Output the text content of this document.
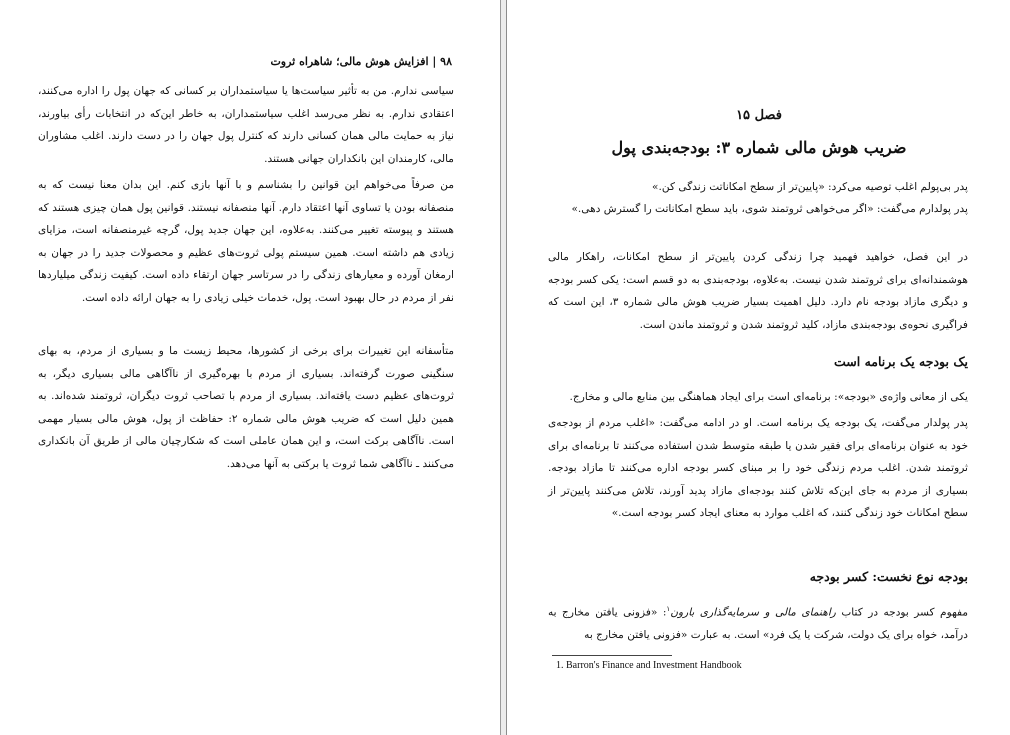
۹۸ | افزایش هوش مالی؛ شاهراه ثروت

سیاسی ندارم. من به تأثیر سیاست‌ها یا سیاستمداران بر کسانی که جهان پول را اداره می‌کنند، اعتقادی ندارم. به نظر می‌رسد اغلب سیاستمداران، به خاطر این‌که در انتخابات رأی بیاورند، نیاز به حمایت مالی همان کسانی دارند که کنترل پول جهان را در دست دارند. اغلب مشاوران مالی، کارمندان این بانکداران جهانی هستند.

من صرفاً می‌خواهم این قوانین را بشناسم و با آنها بازی کنم. این بدان معنا نیست که به منصفانه بودن یا تساوی آنها اعتقاد دارم. آنها منصفانه نیستند. قوانین پول همان چیزی هستند که هستند و پیوسته تغییر می‌کنند. به‌علاوه، این جهان جدید پول، گرچه غیرمنصفانه است، مزایای زیادی هم داشته است. همین سیستم پولی ثروت‌های عظیم و محصولات جدید را در جهان به ارمغان آورده و معیارهای زندگی را در سرتاسر جهان ارتقاء داده است. کیفیت زندگی میلیاردها نفر از مردم در حال بهبود است. پول، خدمات خیلی زیادی را به جهان ارائه داده است.

متأسفانه این تغییرات برای برخی از کشورها، محیط زیست ما و بسیاری از مردم، به بهای سنگینی صورت گرفته‌اند. بسیاری از مردم با بهره‌گیری از ناآگاهی مالی بسیاری دیگر، به ثروت‌های عظیم دست یافته‌اند. بسیاری از مردم با تصاحب ثروت دیگران، ثروتمند شده‌اند. به همین دلیل است که ضریب هوش مالی شماره ۲: حفاظت از پول، هوش مالی بسیار مهمی است. ناآگاهی برکت است، و این همان عاملی است که شکارچیان مالی از طریق آن بانکداری می‌کنند ـ ناآگاهی شما ثروت یا برکتی به آنها می‌دهد.

فصل ۱۵
ضریب هوش مالی شماره ۳: بودجه‌بندی پول

پدر بی‌پولم اغلب توصیه می‌کرد: «پایین‌تر از سطح امکاناتت زندگی کن.»

پدر پولدارم می‌گفت: «اگر می‌خواهی ثروتمند شوی، باید سطح امکاناتت را گسترش دهی.»

در این فصل، خواهید فهمید چرا زندگی کردن پایین‌تر از سطح امکانات، راهکار مالی هوشمندانه‌ای برای ثروتمند شدن نیست. به‌علاوه، بودجه‌بندی به دو قسم است: یکی کسر بودجه و دیگری مازاد بودجه نام دارد. دلیل اهمیت بسیار ضریب هوش مالی شماره ۳، این است که فراگیری نحوه‌ی بودجه‌بندی مازاد، کلید ثروتمند شدن و ثروتمند ماندن است.

یک بودجه یک برنامه است

یکی از معانی واژه‌ی «بودجه»: برنامه‌ای است برای ایجاد هماهنگی بین منابع مالی و مخارج.

پدر پولدار می‌گفت، یک بودجه یک برنامه است. او در ادامه می‌گفت: «اغلب مردم از بودجه‌ی خود به عنوان برنامه‌ای برای فقیر شدن یا طبقه متوسط شدن استفاده می‌کنند تا برنامه‌ای برای ثروتمند شدن. اغلب مردم زندگی خود را بر مبنای کسر بودجه اداره می‌کنند تا مازاد بودجه. بسیاری از مردم به جای این‌که تلاش کنند بودجه‌ای مازاد پدید آورند، تلاش می‌کنند پایین‌تر از سطح امکانات خود زندگی کنند، که اغلب موارد به معنای ایجاد کسر بودجه است.»

بودجه نوع نخست: کسر بودجه

مفهوم کسر بودجه در کتاب راهنمای مالی و سرمایه‌گذاری بارون$^۱$: «فزونی یافتن مخارج به درآمد، خواه برای یک دولت، شرکت یا یک فرد» است. به عبارت «فزونی یافتن مخارج به

1. Barron's Finance and Investment Handbook
